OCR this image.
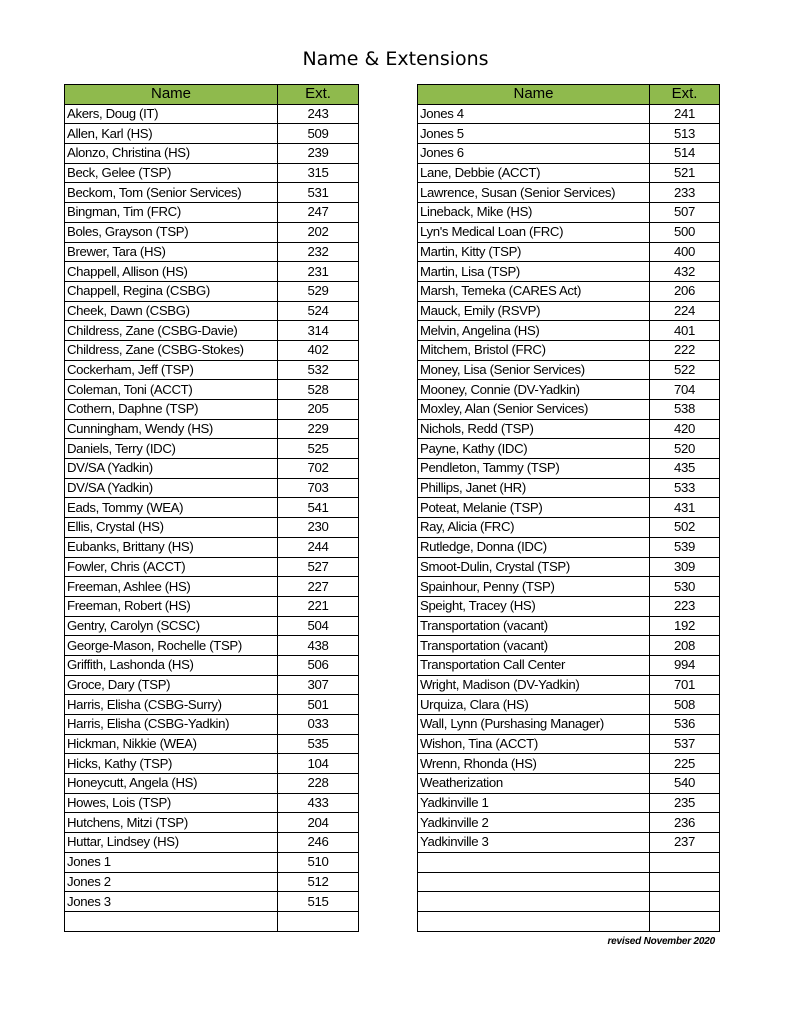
Name & Extensions
Name	Ext.
Akers, Doug (IT)	243
Allen, Karl (HS)	509
Alonzo, Christina (HS)	239
Beck, Gelee (TSP)	315
Beckom, Tom (Senior Services)	531
Bingman, Tim (FRC)	247
Boles, Grayson (TSP)	202
Brewer, Tara (HS)	232
Chappell, Allison (HS)	231
Chappell, Regina (CSBG)	529
Cheek, Dawn (CSBG)	524
Childress, Zane (CSBG-Davie)	314
Childress, Zane (CSBG-Stokes)	402
Cockerham, Jeff (TSP)	532
Coleman, Toni (ACCT)	528
Cothern, Daphne (TSP)	205
Cunningham, Wendy (HS)	229
Daniels, Terry (IDC)	525
DV/SA (Yadkin)	702
DV/SA (Yadkin)	703
Eads, Tommy (WEA)	541
Ellis, Crystal (HS)	230
Eubanks, Brittany (HS)	244
Fowler, Chris (ACCT)	527
Freeman, Ashlee (HS)	227
Freeman, Robert (HS)	221
Gentry, Carolyn (SCSC)	504
George-Mason, Rochelle (TSP)	438
Griffith, Lashonda (HS)	506
Groce, Dary (TSP)	307
Harris, Elisha (CSBG-Surry)	501
Harris, Elisha (CSBG-Yadkin)	033
Hickman, Nikkie (WEA)	535
Hicks, Kathy (TSP)	104
Honeycutt, Angela (HS)	228
Howes, Lois (TSP)	433
Hutchens, Mitzi (TSP)	204
Huttar, Lindsey (HS)	246
Jones 1	510
Jones 2	512
Jones 3	515

Name	Ext.
Jones 4	241
Jones 5	513
Jones 6	514
Lane, Debbie (ACCT)	521
Lawrence, Susan (Senior Services)	233
Lineback, Mike (HS)	507
Lyn's Medical Loan (FRC)	500
Martin, Kitty (TSP)	400
Martin, Lisa (TSP)	432
Marsh, Temeka (CARES Act)	206
Mauck, Emily (RSVP)	224
Melvin, Angelina (HS)	401
Mitchem, Bristol (FRC)	222
Money, Lisa (Senior Services)	522
Mooney, Connie (DV-Yadkin)	704
Moxley, Alan (Senior Services)	538
Nichols, Redd (TSP)	420
Payne, Kathy (IDC)	520
Pendleton, Tammy (TSP)	435
Phillips, Janet (HR)	533
Poteat, Melanie (TSP)	431
Ray, Alicia (FRC)	502
Rutledge, Donna (IDC)	539
Smoot-Dulin, Crystal (TSP)	309
Spainhour, Penny (TSP)	530
Speight, Tracey (HS)	223
Transportation (vacant)	192
Transportation (vacant)	208
Transportation Call Center	994
Wright, Madison (DV-Yadkin)	701
Urquiza, Clara (HS)	508
Wall, Lynn (Purshasing Manager)	536
Wishon, Tina (ACCT)	537
Wrenn, Rhonda (HS)	225
Weatherization	540
Yadkinville 1	235
Yadkinville 2	236
Yadkinville 3	237

revised November 2020
